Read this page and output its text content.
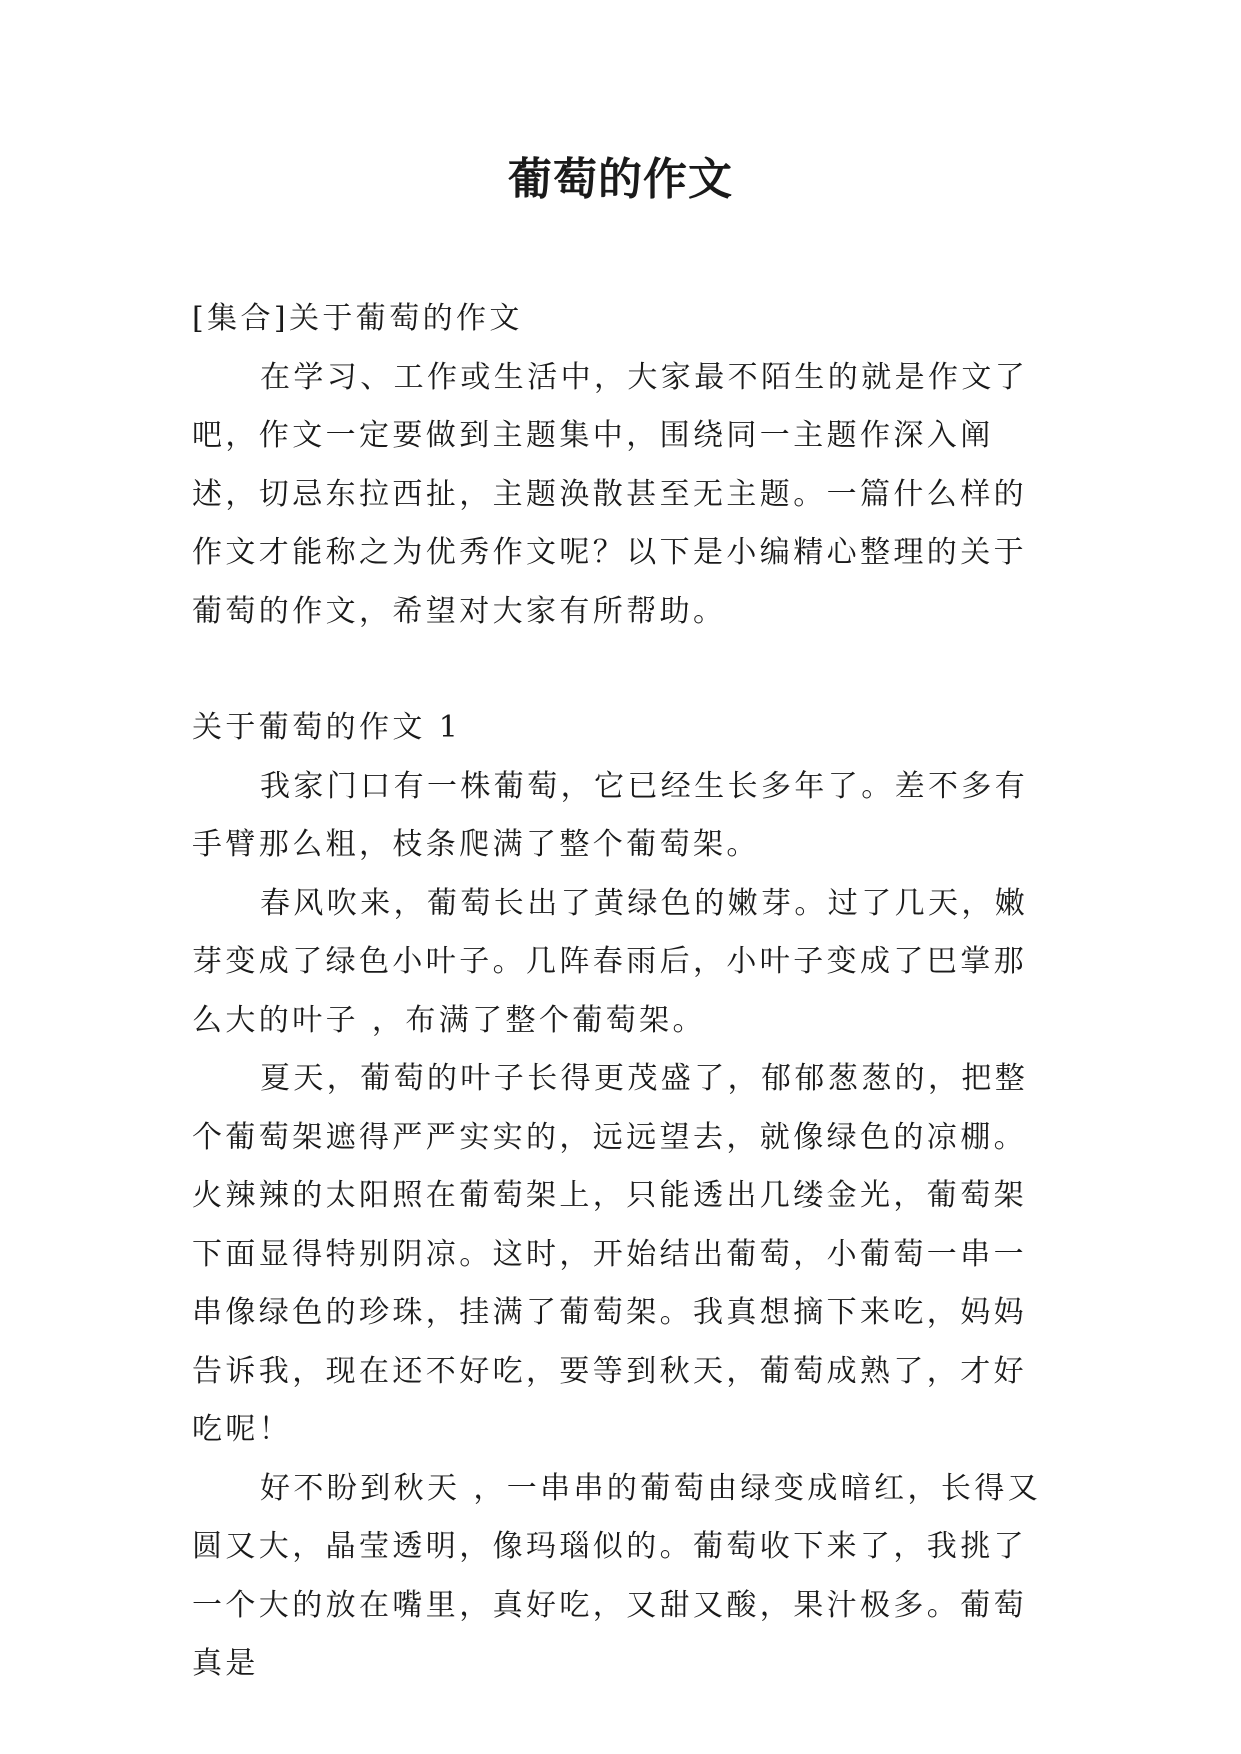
葡萄的作文

[集合]关于葡萄的作文

在学习、工作或生活中，大家最不陌生的就是作文了吧，作文一定要做到主题集中，围绕同一主题作深入阐述，切忌东拉西扯，主题涣散甚至无主题。一篇什么样的作文才能称之为优秀作文呢？以下是小编精心整理的关于葡萄的作文，希望对大家有所帮助。

关于葡萄的作文 1

我家门口有一株葡萄，它已经生长多年了。差不多有手臂那么粗，枝条爬满了整个葡萄架。

春风吹来，葡萄长出了黄绿色的嫩芽。过了几天，嫩芽变成了绿色小叶子。几阵春雨后，小叶子变成了巴掌那么大的叶子 ，布满了整个葡萄架。

夏天，葡萄的叶子长得更茂盛了，郁郁葱葱的，把整个葡萄架遮得严严实实的，远远望去，就像绿色的凉棚。火辣辣的太阳照在葡萄架上，只能透出几缕金光，葡萄架下面显得特别阴凉。这时，开始结出葡萄，小葡萄一串一串像绿色的珍珠，挂满了葡萄架。我真想摘下来吃，妈妈告诉我，现在还不好吃，要等到秋天，葡萄成熟了，才好吃呢！

好不盼到秋天 ，一串串的葡萄由绿变成暗红，长得又圆又大，晶莹透明，像玛瑙似的。葡萄收下来了，我挑了一个大的放在嘴里，真好吃，又甜又酸，果汁极多。葡萄真是
